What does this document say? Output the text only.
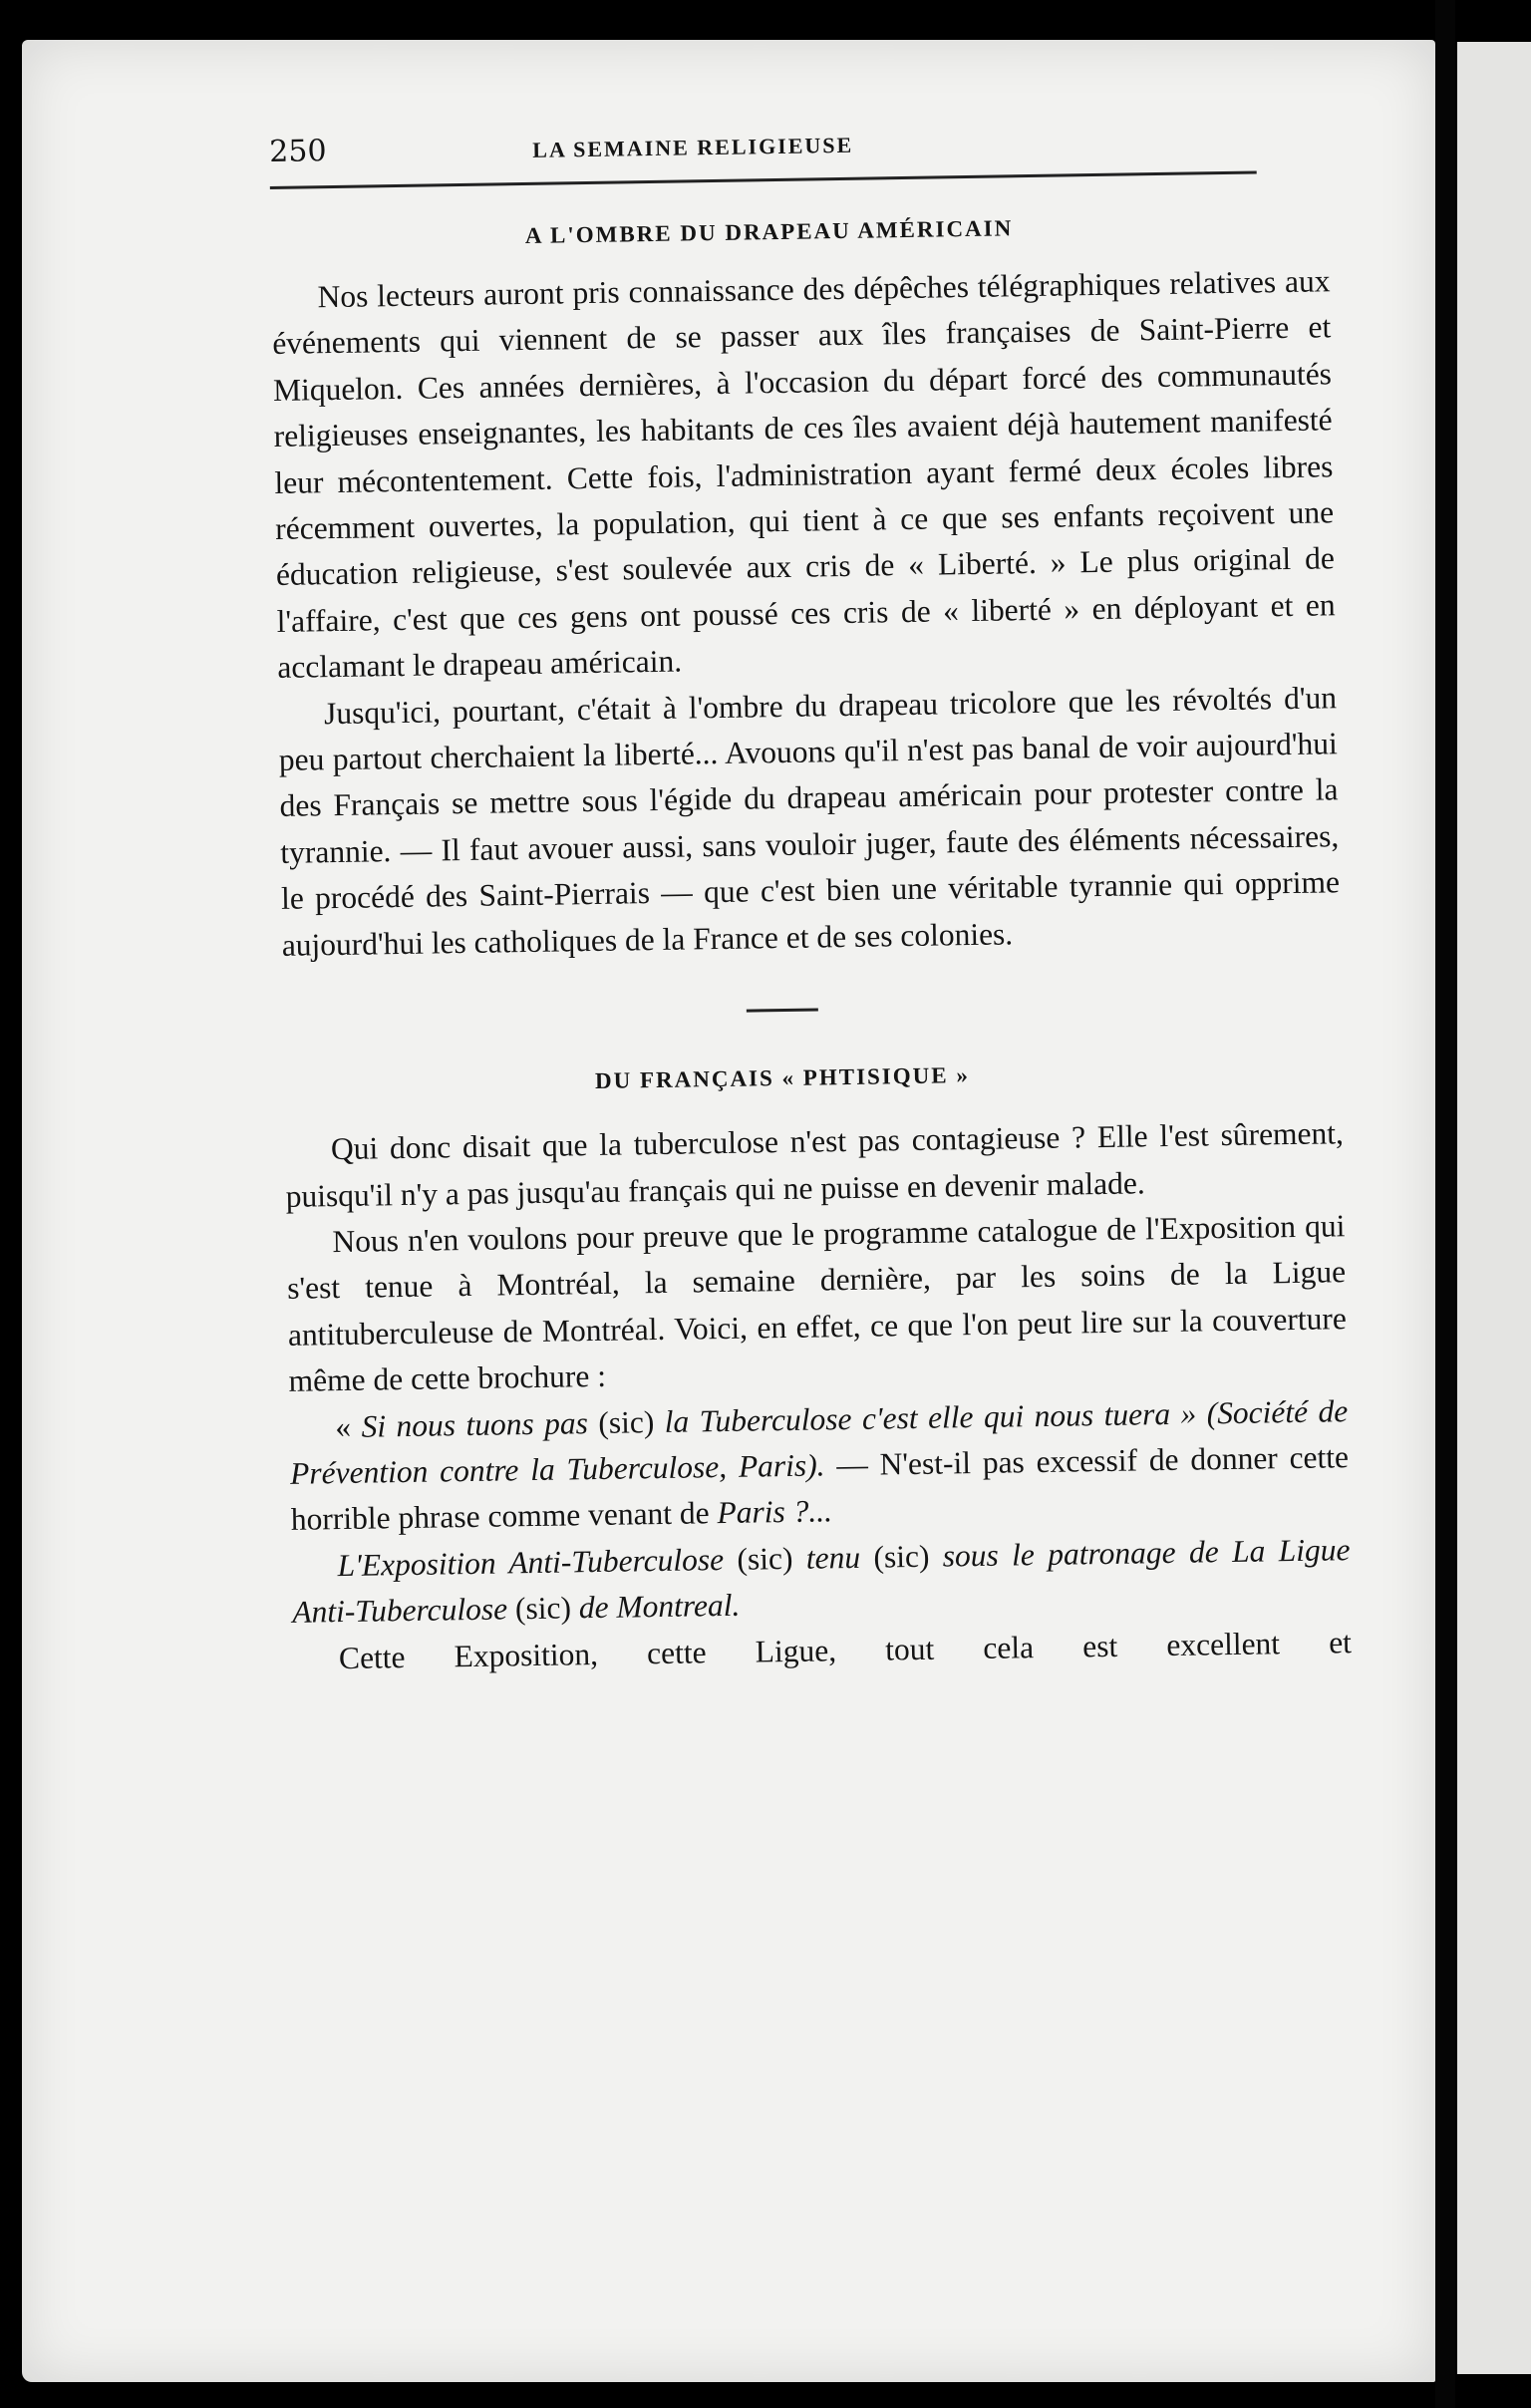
250	LA SEMAINE RELIGIEUSE
A L'OMBRE DU DRAPEAU AMÉRICAIN

Nos lecteurs auront pris connaissance des dépêches télégraphiques relatives aux événements qui viennent de se passer aux îles françaises de Saint-Pierre et Miquelon. Ces années dernières, à l'occasion du départ forcé des communautés religieuses enseignantes, les habitants de ces îles avaient déjà hautement manifesté leur mécontentement. Cette fois, l'administration ayant fermé deux écoles libres récemment ouvertes, la population, qui tient à ce que ses enfants reçoivent une éducation religieuse, s'est soulevée aux cris de « Liberté. » Le plus original de l'affaire, c'est que ces gens ont poussé ces cris de « liberté » en déployant et en acclamant le drapeau américain.

Jusqu'ici, pourtant, c'était à l'ombre du drapeau tricolore que les révoltés d'un peu partout cherchaient la liberté... Avouons qu'il n'est pas banal de voir aujourd'hui des Français se mettre sous l'égide du drapeau américain pour protester contre la tyrannie. — Il faut avouer aussi, sans vouloir juger, faute des éléments nécessaires, le procédé des Saint-Pierrais — que c'est bien une véritable tyrannie qui opprime aujourd'hui les catholiques de la France et de ses colonies.

DU FRANÇAIS « PHTISIQUE »

Qui donc disait que la tuberculose n'est pas contagieuse ? Elle l'est sûrement, puisqu'il n'y a pas jusqu'au français qui ne puisse en devenir malade.

Nous n'en voulons pour preuve que le programme catalogue de l'Exposition qui s'est tenue à Montréal, la semaine dernière, par les soins de la Ligue antituberculeuse de Montréal. Voici, en effet, ce que l'on peut lire sur la couverture même de cette brochure :

« Si nous tuons pas (sic) la Tuberculose c'est elle qui nous tuera » (Société de Prévention contre la Tuberculose, Paris). — N'est-il pas excessif de donner cette horrible phrase comme venant de Paris ?...

L'Exposition Anti-Tuberculose (sic) tenu (sic) sous le patronage de La Ligue Anti-Tuberculose (sic) de Montreal.

Cette Exposition, cette Ligue, tout cela est excellent et
